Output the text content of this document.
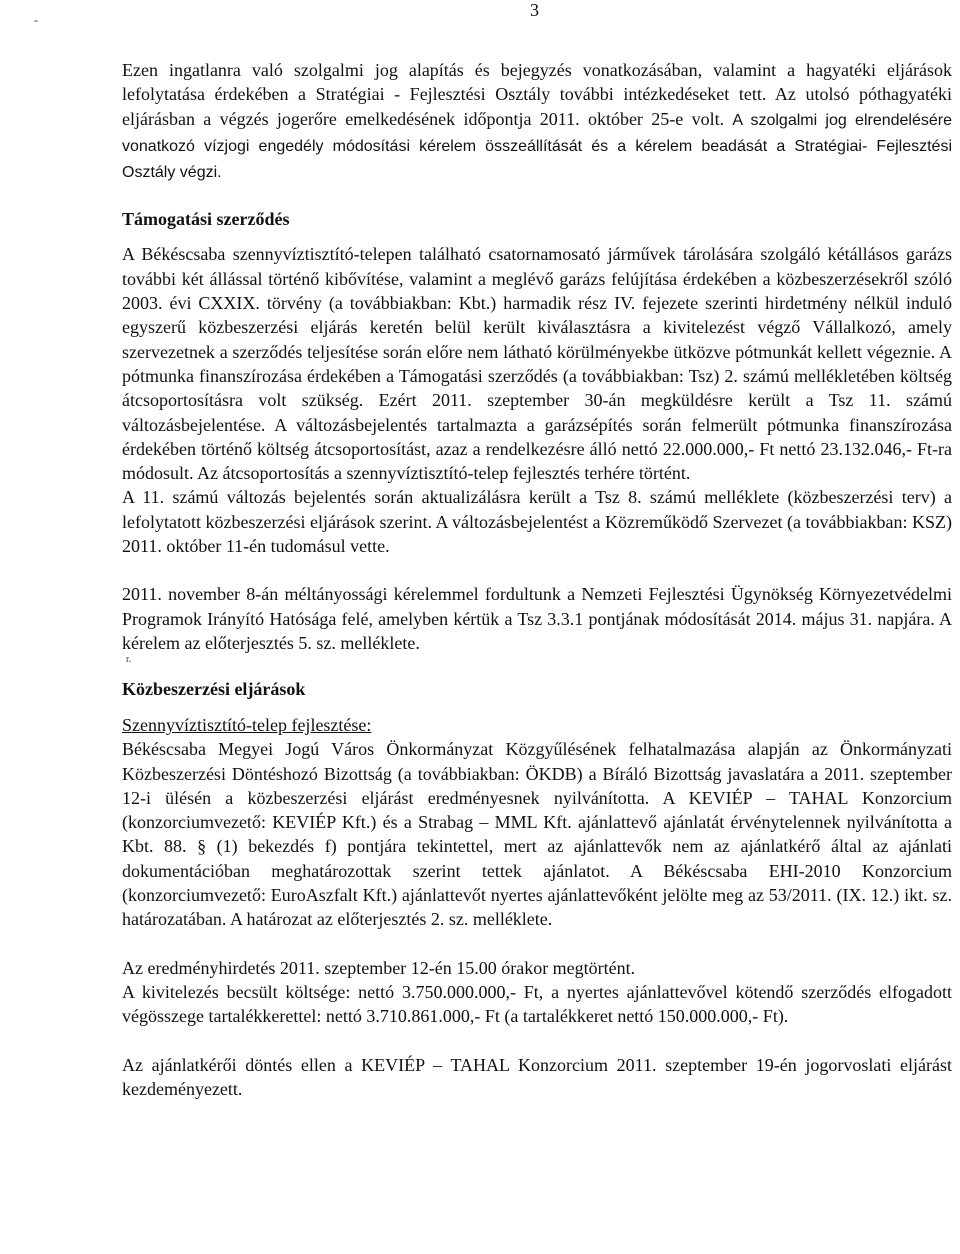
3
-

Ezen ingatlanra való szolgalmi jog alapítás és bejegyzés vonatkozásában, valamint a hagyatéki eljárások lefolytatása érdekében a Stratégiai - Fejlesztési Osztály további intézkedéseket tett. Az utolsó póthagyatéki eljárásban a végzés jogerőre emelkedésének időpontja 2011. október 25-e volt. A szolgalmi jog elrendelésére vonatkozó vízjogi engedély módosítási kérelem összeállítását és a kérelem beadását a Stratégiai- Fejlesztési Osztály végzi.

Támogatási szerződés

A Békéscsaba szennyvíztisztító-telepen található csatornamosató járművek tárolására szolgáló kétállásos garázs további két állással történő kibővítése, valamint a meglévő garázs felújítása érdekében a közbeszerzésekről szóló 2003. évi CXXIX. törvény (a továbbiakban: Kbt.) harmadik rész IV. fejezete szerinti hirdetmény nélkül induló egyszerű közbeszerzési eljárás keretén belül került kiválasztásra a kivitelezést végző Vállalkozó, amely szervezetnek a szerződés teljesítése során előre nem látható körülményekbe ütközve pótmunkát kellett végeznie. A pótmunka finanszírozása érdekében a Támogatási szerződés (a továbbiakban: Tsz) 2. számú mellékletében költség átcsoportosításra volt szükség. Ezért 2011. szeptember 30-án megküldésre került a Tsz 11. számú változásbejelentése. A változásbejelentés tartalmazta a garázsépítés során felmerült pótmunka finanszírozása érdekében történő költség átcsoportosítást, azaz a rendelkezésre álló nettó 22.000.000,- Ft nettó 23.132.046,- Ft-ra módosult. Az átcsoportosítás a szennyvíztisztító-telep fejlesztés terhére történt.

A 11. számú változás bejelentés során aktualizálásra került a Tsz 8. számú melléklete (közbeszerzési terv) a lefolytatott közbeszerzési eljárások szerint. A változásbejelentést a Közreműködő Szervezet (a továbbiakban: KSZ) 2011. október 11-én tudomásul vette.

2011. november 8-án méltányossági kérelemmel fordultunk a Nemzeti Fejlesztési Ügynökség Környezetvédelmi Programok Irányító Hatósága felé, amelyben kértük a Tsz 3.3.1 pontjának módosítását 2014. május 31. napjára. A kérelem az előterjesztés 5. sz. melléklete.

r.

Közbeszerzési eljárások

Szennyvíztisztító-telep fejlesztése:

Békéscsaba Megyei Jogú Város Önkormányzat Közgyűlésének felhatalmazása alapján az Önkormányzati Közbeszerzési Döntéshozó Bizottság (a továbbiakban: ÖKDB) a Bíráló Bizottság javaslatára a 2011. szeptember 12-i ülésén a közbeszerzési eljárást eredményesnek nyilvánította. A KEVIÉP – TAHAL Konzorcium (konzorciumvezető: KEVIÉP Kft.) és a Strabag – MML Kft. ajánlattevő ajánlatát érvénytelennek nyilvánította a Kbt. 88. § (1) bekezdés f) pontjára tekintettel, mert az ajánlattevők nem az ajánlatkérő által az ajánlati dokumentációban meghatározottak szerint tettek ajánlatot. A Békéscsaba EHI-2010 Konzorcium (konzorciumvezető: EuroAszfalt Kft.) ajánlattevőt nyertes ajánlattevőként jelölte meg az 53/2011. (IX. 12.) ikt. sz. határozatában. A határozat az előterjesztés 2. sz. melléklete.

Az eredményhirdetés 2011. szeptember 12-én 15.00 órakor megtörtént.

A kivitelezés becsült költsége: nettó 3.750.000.000,- Ft, a nyertes ajánlattevővel kötendő szerződés elfogadott végösszege tartalékkerettel: nettó 3.710.861.000,- Ft (a tartalékkeret nettó 150.000.000,- Ft).

Az ajánlatkérői döntés ellen a KEVIÉP – TAHAL Konzorcium 2011. szeptember 19-én jogorvoslati eljárást kezdeményezett.
